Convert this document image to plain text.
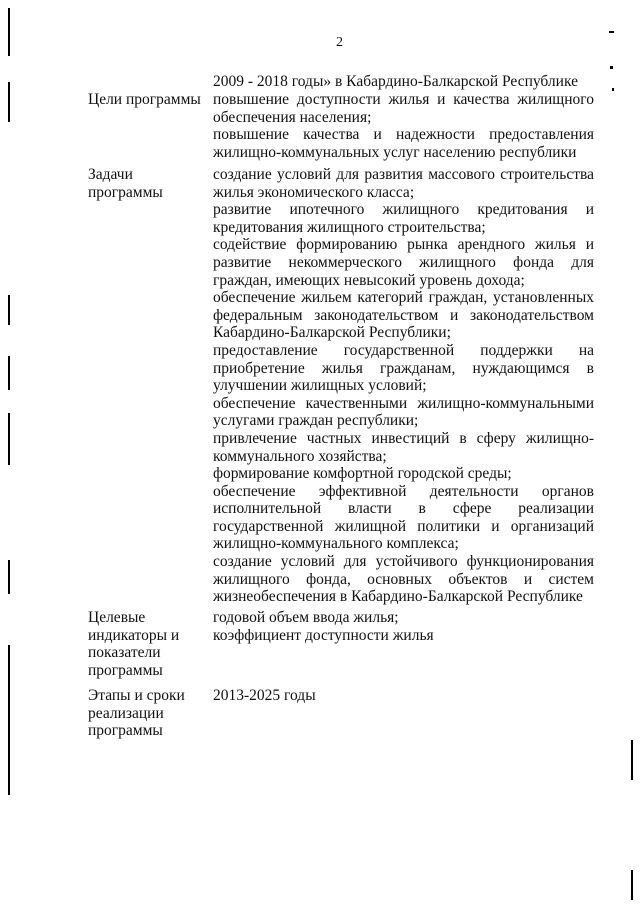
2
2009 - 2018 годы» в Кабардино-Балкарской Республике
Цели программы повышение доступности жилья и качества жилищного обеспечения населения;

повышение качества и надежности предоставления жилищно-коммунальных услуг населению республики

Задачи программы

создание условий для развития массового строительства жилья экономического класса;

развитие ипотечного жилищного кредитования и кредитования жилищного строительства;

содействие формированию рынка арендного жилья и развитие некоммерческого жилищного фонда для граждан, имеющих невысокий уровень дохода;

обеспечение жильем категорий граждан, установленных федеральным законодательством и законодательством Кабардино-Балкарской Республики;

предоставление государственной поддержки на приобретение жилья гражданам, нуждающимся в улучшении жилищных условий;

обеспечение качественными жилищно-коммунальными услугами граждан республики;

привлечение частных инвестиций в сферу жилищно-коммунального хозяйства;

формирование комфортной городской среды;

обеспечение эффективной деятельности органов исполнительной власти в сфере реализации государственной жилищной политики и организаций жилищно-коммунального комплекса;

создание условий для устойчивого функционирования жилищного фонда, основных объектов и систем жизнеобеспечения в Кабардино-Балкарской Республике

Целевые индикаторы и показатели программы

годовой объем ввода жилья;

коэффициент доступности жилья

Этапы и сроки реализации программы

2013-2025 годы
